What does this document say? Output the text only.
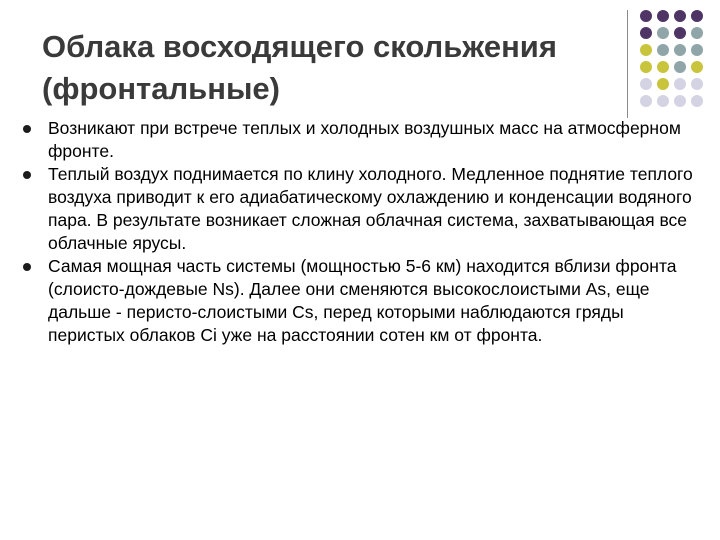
Облака восходящего скольжения
(фронтальные)
Возникают при встрече теплых и холодных воздушных масс на атмосферном фронте.
Теплый воздух поднимается по клину холодного. Медленное поднятие теплого воздуха приводит к его адиабатическому охлаждению и конденсации водяного пара. В результате возникает сложная облачная система, захватывающая все облачные ярусы.
Самая мощная часть системы (мощностью 5-6 км) находится вблизи фронта (слоисто-дождевые Ns). Далее они сменяются высокослоистыми As, еще дальше - перисто-слоистыми Cs, перед которыми наблюдаются гряды перистых облаков Ci уже на расстоянии сотен км от фронта.
